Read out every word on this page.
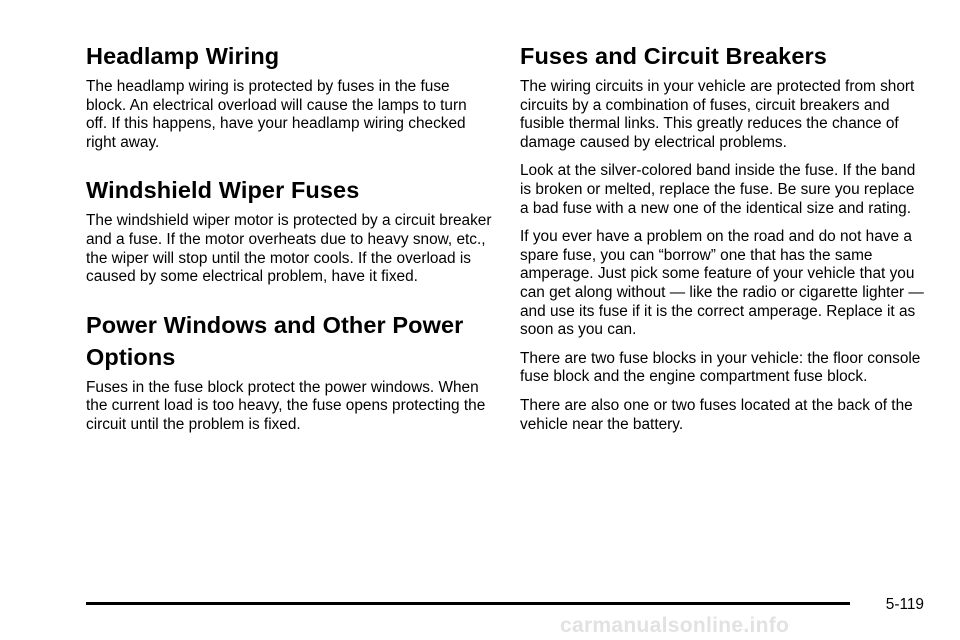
Headlamp Wiring

The headlamp wiring is protected by fuses in the fuse block. An electrical overload will cause the lamps to turn off. If this happens, have your headlamp wiring checked right away.

Windshield Wiper Fuses

The windshield wiper motor is protected by a circuit breaker and a fuse. If the motor overheats due to heavy snow, etc., the wiper will stop until the motor cools. If the overload is caused by some electrical problem, have it fixed.

Power Windows and Other Power Options

Fuses in the fuse block protect the power windows. When the current load is too heavy, the fuse opens protecting the circuit until the problem is fixed.

Fuses and Circuit Breakers

The wiring circuits in your vehicle are protected from short circuits by a combination of fuses, circuit breakers and fusible thermal links. This greatly reduces the chance of damage caused by electrical problems.

Look at the silver-colored band inside the fuse. If the band is broken or melted, replace the fuse. Be sure you replace a bad fuse with a new one of the identical size and rating.

If you ever have a problem on the road and do not have a spare fuse, you can “borrow” one that has the same amperage. Just pick some feature of your vehicle that you can get along without — like the radio or cigarette lighter — and use its fuse if it is the correct amperage. Replace it as soon as you can.

There are two fuse blocks in your vehicle: the floor console fuse block and the engine compartment fuse block.

There are also one or two fuses located at the back of the vehicle near the battery.

5-119
carmanualsonline.info
